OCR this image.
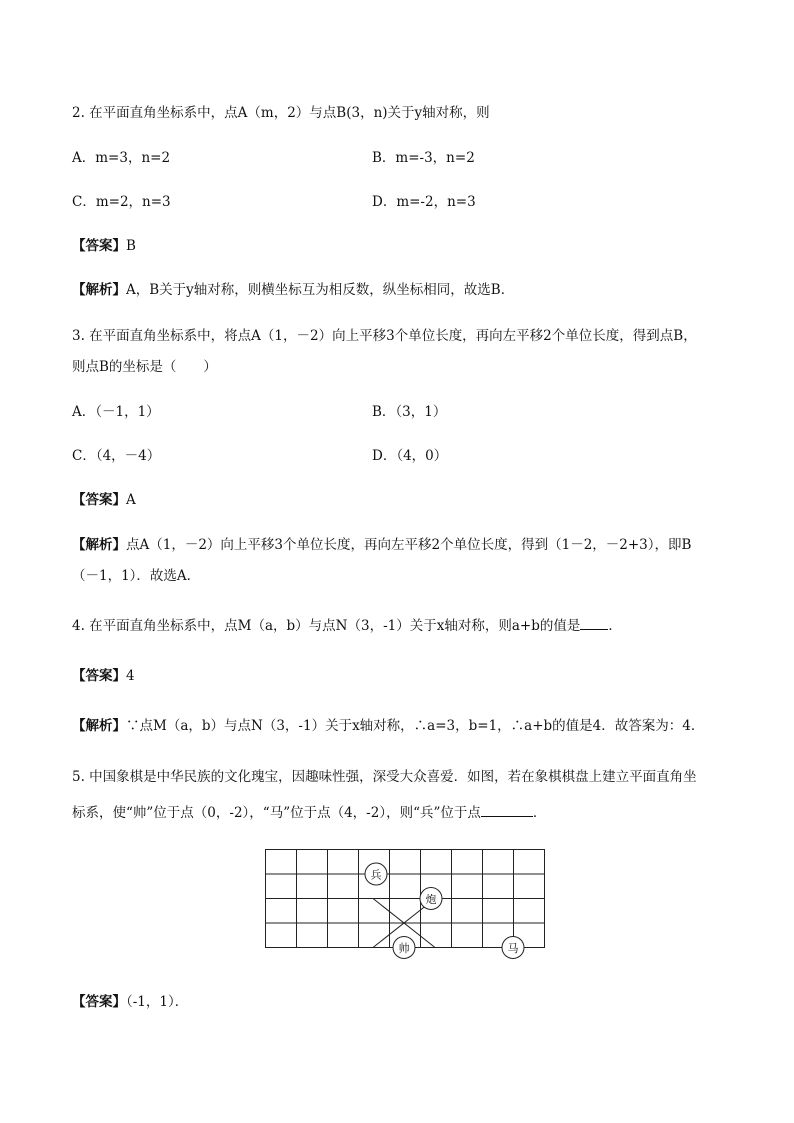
2. 在平面直角坐标系中，点A（m，2）与点B(3，n)关于y轴对称，则
A．m=3，n=2	B．m=-3，n=2
C．m=2，n=3	D．m=-2，n=3
【答案】B
【解析】A，B关于y轴对称，则横坐标互为相反数，纵坐标相同，故选B．
3. 在平面直角坐标系中，将点A（1，－2）向上平移3个单位长度，再向左平移2个单位长度，得到点B，
则点B的坐标是（　　）
A．（－1，1）	B．（3，1）
C．（4，－4）	D．（4，0）
【答案】A
【解析】点A（1，－2）向上平移3个单位长度，再向左平移2个单位长度，得到（1－2，－2+3），即B
（－1，1）．故选A．
4. 在平面直角坐标系中，点M（a，b）与点N（3，-1）关于x轴对称，则a+b的值是 ．
【答案】4
【解析】∵点M（a，b）与点N（3，-1）关于x轴对称，∴a=3，b=1，∴a+b的值是4．故答案为：4．
5. 中国象棋是中华民族的文化瑰宝，因趣味性强，深受大众喜爱．如图，若在象棋棋盘上建立平面直角坐
标系，使“帅”位于点（0，-2），“马”位于点（4，-2），则“兵”位于点	．
兵
炮
帅	马
【答案】（-1，1）．
